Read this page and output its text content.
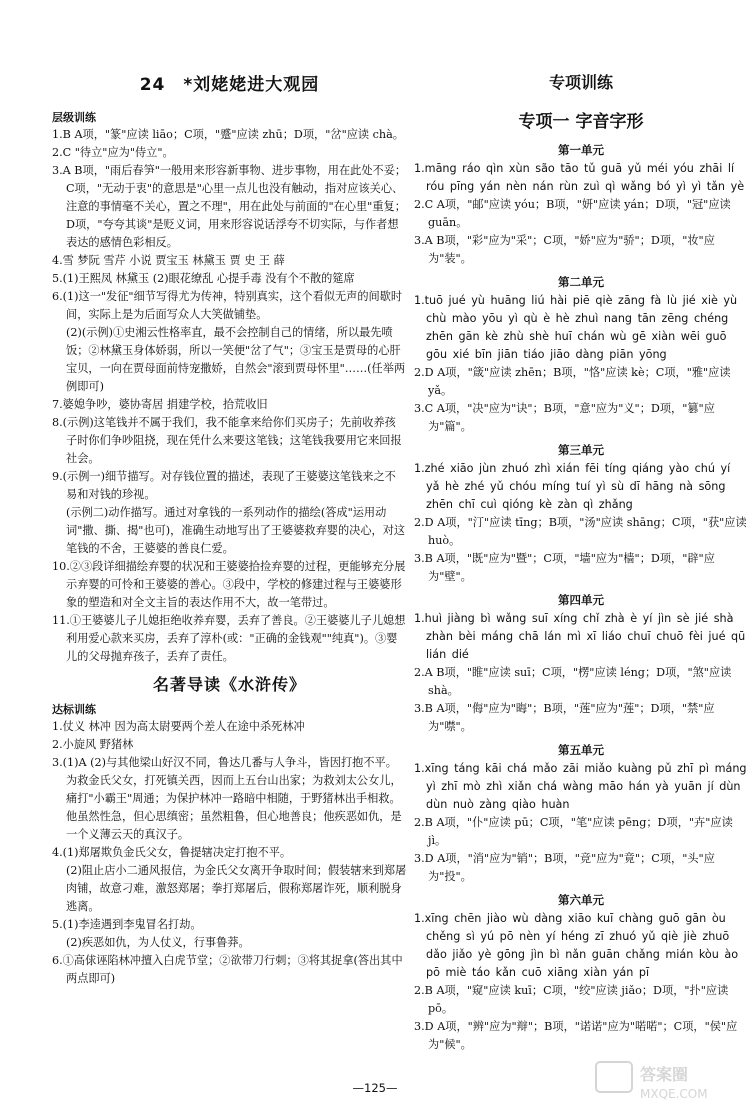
24 *刘姥姥进大观园
层级训练

1.B A项，"篆"应读 liāo；C项，"蹙"应读 zhū；D项，"岔"应读 chà。

2.C "待立"应为"侍立"。

3.A B项，"雨后春笋"一般用来形容新事物、进步事物，用在此处不妥；C项，"无动于衷"的意思是"心里一点儿也没有触动，指对应该关心、注意的事情毫不关心，置之不理"，用在此处与前面的"在心里"重复；D项，"夸夸其谈"是贬义词，用来形容说话浮夸不切实际，与作者想表达的感情色彩相反。

4.雪 梦阮 雪芹 小说 贾宝玉 林黛玉 贾 史 王 薛

5.(1)王熙凤 林黛玉 (2)眼花缭乱 心提手毒 没有个不散的筵席

6.(1)这一"发征"细节写得尤为传神，特别真实，这个看似无声的间歇时间，实际上是为后面写众人大笑做铺垫。

(2)(示例)①史湘云性格率直，最不会控制自己的情绪，所以最先喷饭；②林黛玉身体娇弱，所以一笑便"岔了气"；③宝玉是贾母的心肝宝贝，一向在贾母面前恃宠撒娇，自然会"滚到贾母怀里"……(任举两例即可)

7.婆媳争吵，婆协寄居 捐建学校，拾荒收旧

8.(示例)这笔钱并不属于我们，我不能拿来给你们买房子；先前收养孩子时你们争吵阻挠，现在凭什么来要这笔钱；这笔钱我要用它来回报社会。

9.(示例一)细节描写。对存钱位置的描述，表现了王婆婆这笔钱来之不易和对钱的珍视。

(示例二)动作描写。通过对拿钱的一系列动作的描绘(答成"运用动词"撒、撕、揭"也可)，准确生动地写出了王婆婆救弃婴的决心，对这笔钱的不舍，王婆婆的善良仁爱。

10.②③段详细描绘弃婴的状况和王婆婆拾捡弃婴的过程，更能够充分展示弃婴的可怜和王婆婆的善心。③段中，学校的修建过程与王婆婆形象的塑造和对全文主旨的表达作用不大，故一笔带过。

11.①王婆婆儿子儿媳拒绝收养弃婴，丢弃了善良。②王婆婆儿子儿媳想利用爱心款来买房，丢弃了淳朴(或："正确的金钱观""纯真")。③婴儿的父母抛弃孩子，丢弃了责任。

名著导读《水浒传》
达标训练

1.仗义 林冲 因为高太尉要两个差人在途中杀死林冲

2.小旋风 野猪林

3.(1)A (2)与其他梁山好汉不同，鲁达几番与人争斗，皆因打抱不平。为救金氏父女，打死镇关西，因而上五台山出家；为救刘太公女儿，痛打"小霸王"周通；为保护林冲一路暗中相随，于野猪林出手相救。他虽然性急，但心思缜密；虽然粗鲁，但心地善良；他疾恶如仇，是一个义薄云天的真汉子。

4.(1)郑屠欺负金氏父女，鲁提辖决定打抱不平。

(2)阻止店小二通风报信，为金氏父女离开争取时间；假装辖来到郑屠肉铺，故意刁难，激怒郑屠；拳打郑屠后，假称郑屠诈死，顺利脱身逃离。

5.(1)李逵遇到李鬼冒名打劫。

(2)疾恶如仇，为人仗义，行事鲁莽。

6.①高俅诬陷林冲擅入白虎节堂；②欲带刀行刺；③将其捉拿(答出其中两点即可)

专项训练
专项一 字音字形
第一单元

1.māng ráo qìn xùn são tāo tǔ guā yǔ méi yóu zhāi lí róu pīng yán nèn nán rùn zuì qì wǎng bó yì yì tǎn yè

2.C A项，"邮"应读 yóu；B项，"妍"应读 yán；D项，"冠"应读 guān。

3.A B项，"彩"应为"采"；C项，"娇"应为"骄"；D项，"妆"应为"装"。

第二单元

1.tuō jué yù huāng liú hài piē qiè zāng fà lù jié xiè yù chù mào yōu yì qù è hè zhuì nang tān zēng chéng zhēn gān kè zhù shè huī chán wù gē xiàn wēi guō gōu xié bīn jiān tiáo jiāo dàng piān yōng

2.D A项，"箴"应读 zhēn；B项，"恪"应读 kè；C项，"雅"应读 yǎ。

3.C A项，"决"应为"诀"；B项，"意"应为"义"；D项，"篡"应为"篇"。

第三单元

1.zhé xiāo jùn zhuó zhì xián fēi tíng qiáng yào chú yí yǎ hè zhé yǔ chóu míng tuí yì sù dī hāng nà sōng zhēn chī cuì qióng kè zàn qì zhǎng

2.D A项，"汀"应读 tīng；B项，"汤"应读 shāng；C项，"获"应读 huò。

3.B A项，"既"应为"暨"；C项，"墙"应为"樯"；D项，"辟"应为"壁"。

第四单元

1.huì jiàng bì wǎng suī xíng chǐ zhà è yí jìn sè jié shà zhàn bèi máng chā lán mì xī liáo chuī chuō fèi jué qū lián dié

2.A B项，"睢"应读 suī；C项，"楞"应读 léng；D项，"煞"应读 shà。

3.B A项，"侮"应为"晦"；B项，"莲"应为"莲"；D项，"禁"应为"噤"。

第五单元

1.xīng táng kāi chá mǎo zāi miǎo kuàng pǔ zhī pì máng yì zhī mò zhì xiǎn chá wàng māo hán yà yuān jí dùn dùn nuò zàng qiào huàn

2.B A项，"仆"应读 pū；C项，"笔"应读 pēng；D项，"卉"应读 jì。

3.D A项，"消"应为"销"；B项，"竞"应为"竟"；C项，"头"应为"投"。

第六单元

1.xīng chēn jiào wù dàng xiāo kuī chàng guō gān òu chěng sì yú pō nèn yí héng zī zhuó yǔ qiè jiè zhuō dǎo jiǎo yè gōng jìn bì nǎn guān chǎng mián kòu ào pō miè táo kǎn cuō xiāng xiàn yán pī

2.B A项，"窥"应读 kuī；C项，"绞"应读 jiǎo；D项，"扑"应读 pō。

3.D A项，"辨"应为"辩"；B项，"诺诺"应为"喏喏"；C项，"侯"应为"候"。

—125—
答案圈
MXQE.COM
